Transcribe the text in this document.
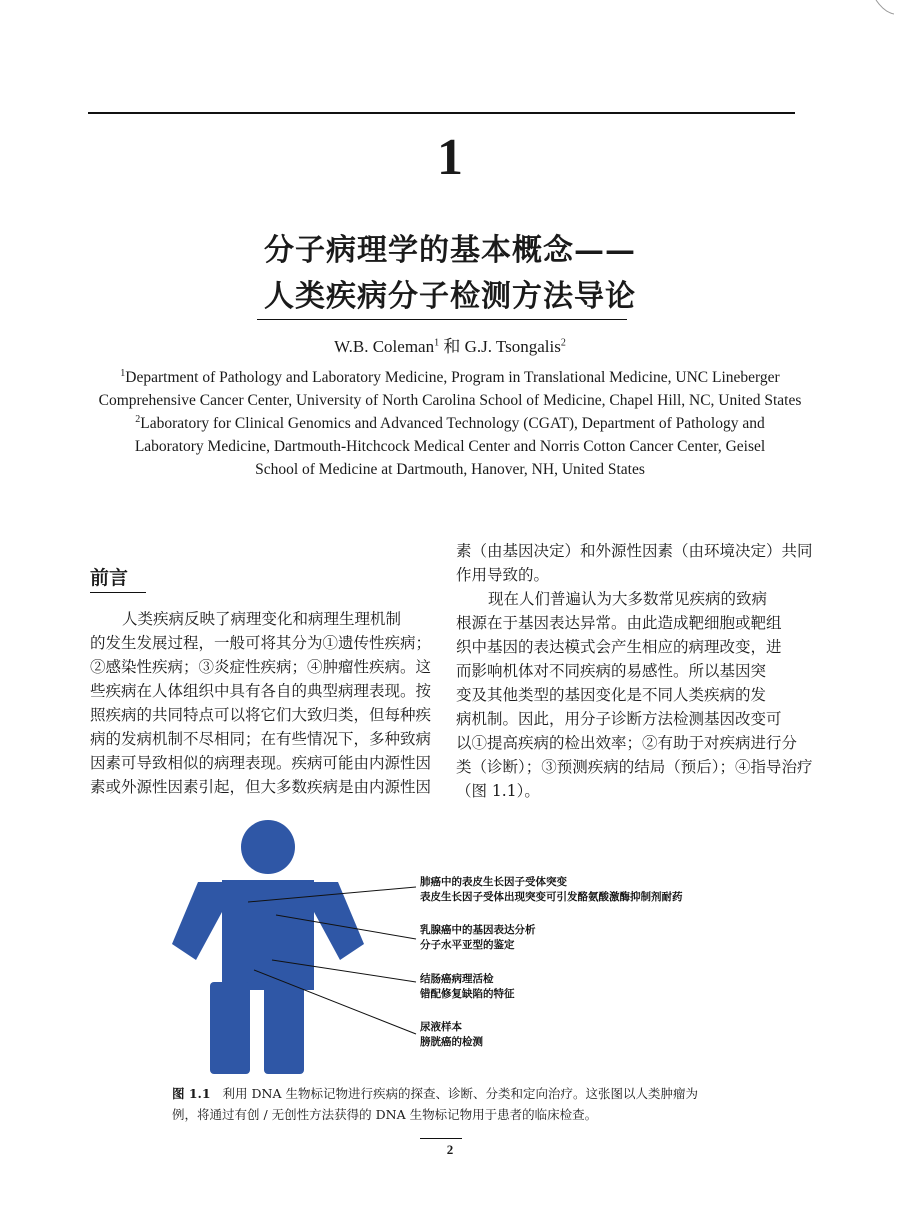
1
分子病理学的基本概念——
人类疾病分子检测方法导论
W.B. Coleman$^1$ 和 G.J. Tsongalis$^2$
$^1$Department of Pathology and Laboratory Medicine, Program in Translational Medicine, UNC Lineberger
Comprehensive Cancer Center, University of North Carolina School of Medicine, Chapel Hill, NC, United States
$^2$Laboratory for Clinical Genomics and Advanced Technology (CGAT), Department of Pathology and
Laboratory Medicine, Dartmouth-Hitchcock Medical Center and Norris Cotton Cancer Center, Geisel
School of Medicine at Dartmouth, Hanover, NH, United States
前言
人类疾病反映了病理变化和病理生理机制
的发生发展过程，一般可将其分为①遗传性疾病；
②感染性疾病；③炎症性疾病；④肿瘤性疾病。这
些疾病在人体组织中具有各自的典型病理表现。按
照疾病的共同特点可以将它们大致归类，但每种疾
病的发病机制不尽相同；在有些情况下，多种致病
因素可导致相似的病理表现。疾病可能由内源性因
素或外源性因素引起，但大多数疾病是由内源性因
素（由基因决定）和外源性因素（由环境决定）共同
作用导致的。
现在人们普遍认为大多数常见疾病的致病
根源在于基因表达异常。由此造成靶细胞或靶组
织中基因的表达模式会产生相应的病理改变，进
而影响机体对不同疾病的易感性。所以基因突
变及其他类型的基因变化是不同人类疾病的发
病机制。因此，用分子诊断方法检测基因改变可
以①提高疾病的检出效率；②有助于对疾病进行分
类（诊断）；③预测疾病的结局（预后）；④指导治疗
（图 1.1）。
肺癌中的表皮生长因子受体突变
表皮生长因子受体出现突变可引发酪氨酸激酶抑制剂耐药
乳腺癌中的基因表达分析
分子水平亚型的鉴定
结肠癌病理活检
错配修复缺陷的特征
尿液样本
膀胱癌的检测
图 1.1 利用 DNA 生物标记物进行疾病的探查、诊断、分类和定向治疗。这张图以人类肿瘤为
例，将通过有创 / 无创性方法获得的 DNA 生物标记物用于患者的临床检查。
2
